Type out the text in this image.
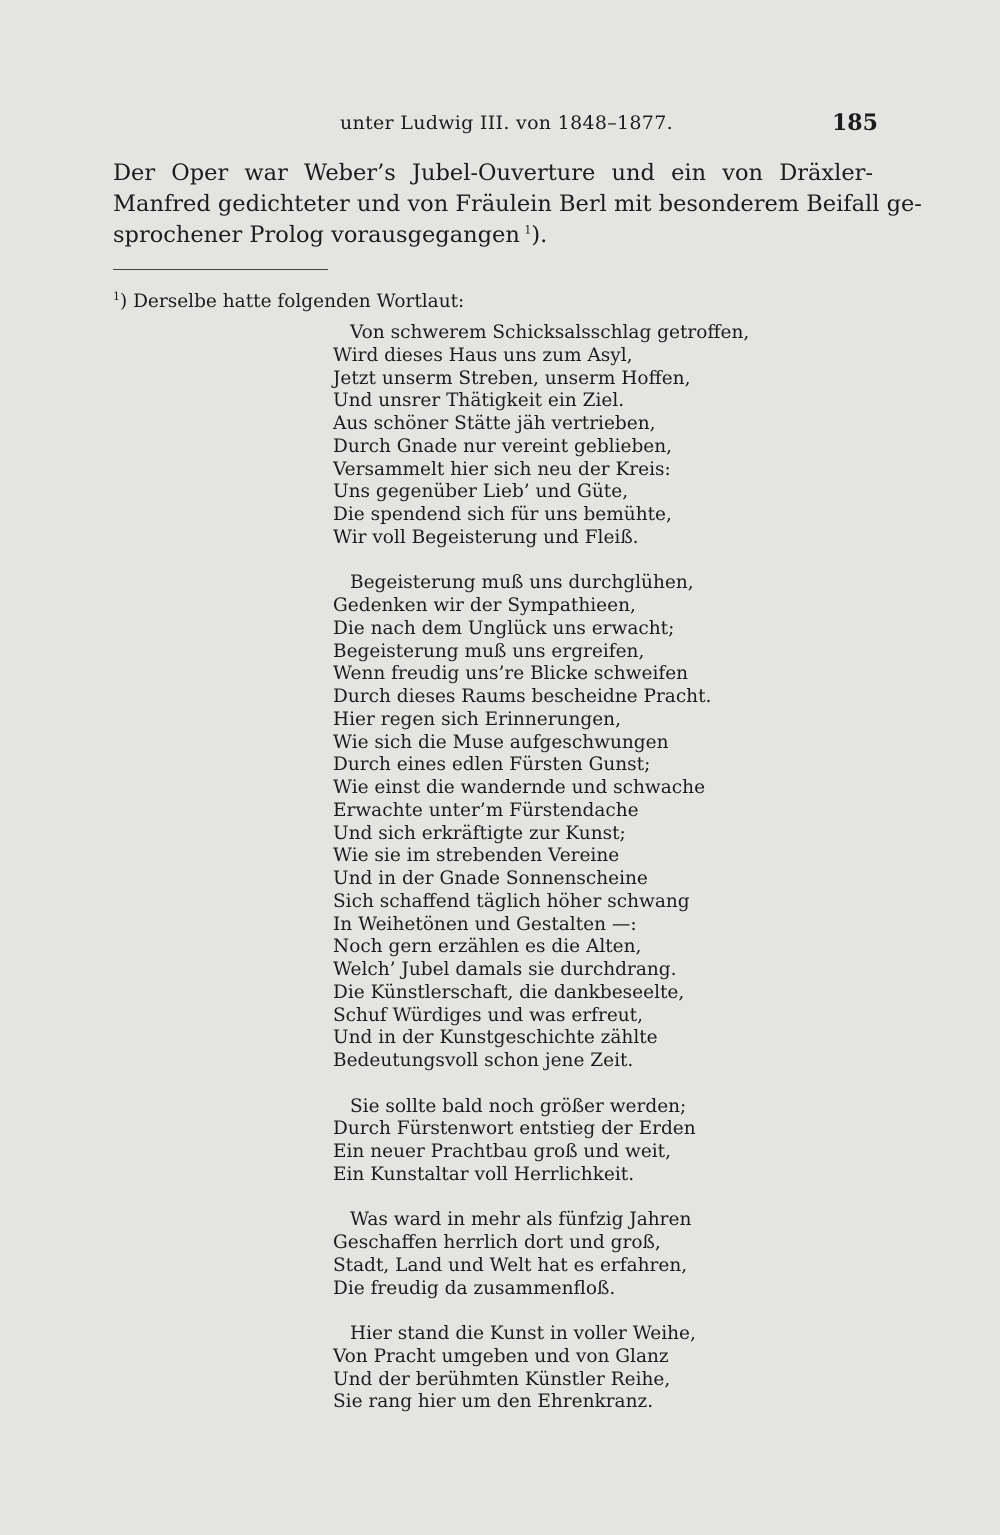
unter Ludwig III. von 1848–1877.	185
Der Oper war Weber’s Jubel-Ouverture und ein von Dräxler-
Manfred gedichteter und von Fräulein Berl mit besonderem Beifall ge-
sprochener Prolog vorausgegangen  $^1$).
$^1$) Derselbe hatte folgenden Wortlaut:
Von schwerem Schicksalsschlag getroffen,
Wird dieses Haus uns zum Asyl,
Jetzt unserm Streben, unserm Hoffen,
Und unsrer Thätigkeit ein Ziel.
Aus schöner Stätte jäh vertrieben,
Durch Gnade nur vereint geblieben,
Versammelt hier sich neu der Kreis:
Uns gegenüber Lieb’ und Güte,
Die spendend sich für uns bemühte,
Wir voll Begeisterung und Fleiß.
Begeisterung muß uns durchglühen,
Gedenken wir der Sympathieen,
Die nach dem Unglück uns erwacht;
Begeisterung muß uns ergreifen,
Wenn freudig uns’re Blicke schweifen
Durch dieses Raums bescheidne Pracht.
Hier regen sich Erinnerungen,
Wie sich die Muse aufgeschwungen
Durch eines edlen Fürsten Gunst;
Wie einst die wandernde und schwache
Erwachte unter’m Fürstendache
Und sich erkräftigte zur Kunst;
Wie sie im strebenden Vereine
Und in der Gnade Sonnenscheine
Sich schaffend täglich höher schwang
In Weihetönen und Gestalten —:
Noch gern erzählen es die Alten,
Welch’ Jubel damals sie durchdrang.
Die Künstlerschaft, die dankbeseelte,
Schuf Würdiges und was erfreut,
Und in der Kunstgeschichte zählte
Bedeutungsvoll schon jene Zeit.
Sie sollte bald noch größer werden;
Durch Fürstenwort entstieg der Erden
Ein neuer Prachtbau groß und weit,
Ein Kunstaltar voll Herrlichkeit.
Was ward in mehr als fünfzig Jahren
Geschaffen herrlich dort und groß,
Stadt, Land und Welt hat es erfahren,
Die freudig da zusammenfloß.
Hier stand die Kunst in voller Weihe,
Von Pracht umgeben und von Glanz
Und der berühmten Künstler Reihe,
Sie rang hier um den Ehrenkranz.
